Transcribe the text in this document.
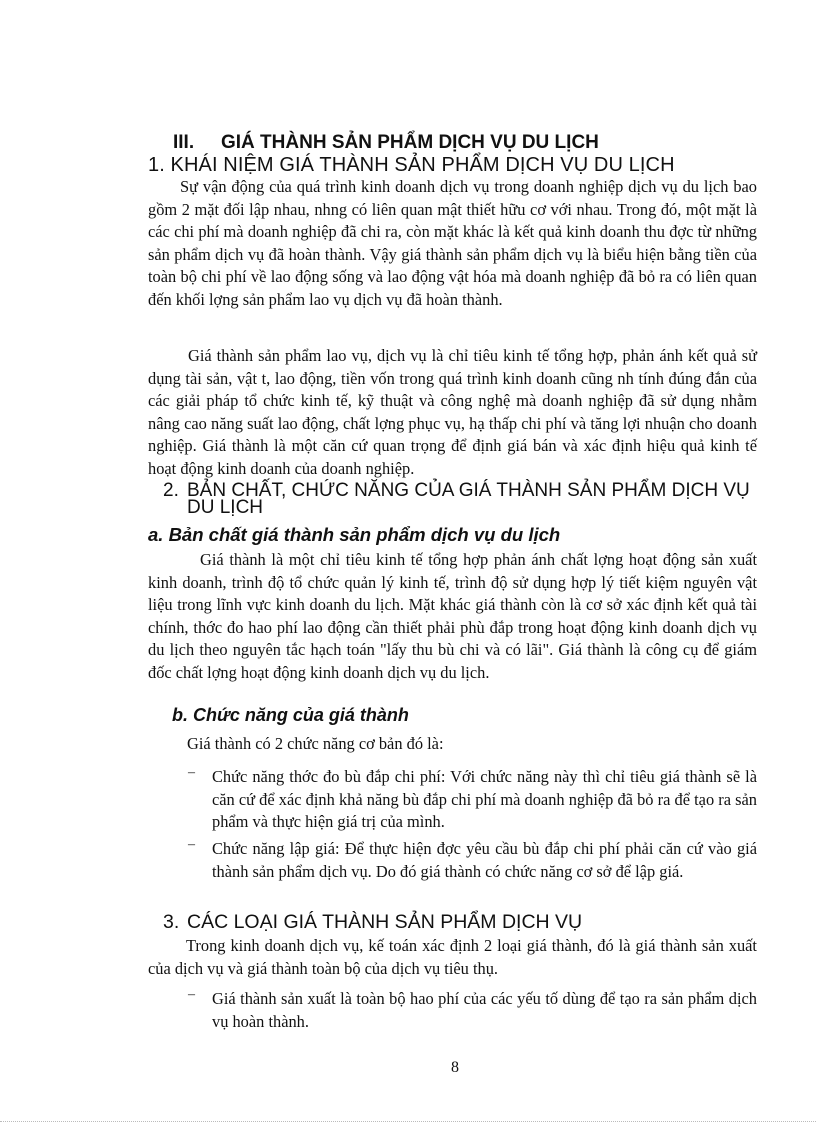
III. GIÁ THÀNH SẢN PHẨM DỊCH VỤ DU LỊCH
1. KHÁI NIỆM GIÁ THÀNH SẢN PHẨM DỊCH VỤ DU LỊCH
Sự vận động của quá trình kinh doanh dịch vụ trong doanh nghiệp dịch vụ du lịch bao gồm 2 mặt đối lập nhau, nhng có liên quan mật thiết hữu cơ với nhau. Trong đó, một mặt là các chi phí mà doanh nghiệp đã chi ra, còn mặt khác là kết quả kinh doanh thu đợc từ những sản phẩm dịch vụ đã hoàn thành. Vậy giá thành sản phẩm dịch vụ là biểu hiện bằng tiền của toàn bộ chi phí về lao động sống và lao động vật hóa mà doanh nghiệp đã bỏ ra có liên quan đến khối lợng sản phẩm lao vụ dịch vụ đã hoàn thành.
Giá thành sản phẩm lao vụ, dịch vụ là chỉ tiêu kinh tế tổng hợp, phản ánh kết quả sử dụng tài sản, vật t, lao động, tiền vốn trong quá trình kinh doanh cũng nh tính đúng đắn của các giải pháp tổ chức kinh tế, kỹ thuật và công nghệ mà doanh nghiệp đã sử dụng nhằm nâng cao năng suất lao động, chất lợng phục vụ, hạ thấp chi phí và tăng lợi nhuận cho doanh nghiệp. Giá thành là một căn cứ quan trọng để định giá bán và xác định hiệu quả kinh tế hoạt động kinh doanh của doanh nghiệp.
2. BẢN CHẤT, CHỨC NĂNG CỦA GIÁ THÀNH SẢN PHẨM DỊCH VỤ
DU LỊCH
a. Bản chất giá thành sản phẩm dịch vụ du lịch
Giá thành là một chỉ tiêu kinh tế tổng hợp phản ánh chất lợng hoạt động sản xuất kinh doanh, trình độ tổ chức quản lý kinh tế, trình độ sử dụng hợp lý tiết kiệm nguyên vật liệu trong lĩnh vực kinh doanh du lịch. Mặt khác giá thành còn là cơ sở xác định kết quả tài chính, thớc đo hao phí lao động cần thiết phải phù đắp trong hoạt động kinh doanh dịch vụ du lịch theo nguyên tắc hạch toán "lấy thu bù chi và có lãi". Giá thành là công cụ để giám đốc chất lợng hoạt động kinh doanh dịch vụ du lịch.
b. Chức năng của giá thành
Giá thành có 2 chức năng cơ bản đó là:
– Chức năng thớc đo bù đắp chi phí: Với chức năng này thì chỉ tiêu giá thành sẽ là căn cứ để xác định khả năng bù đắp chi phí mà doanh nghiệp đã bỏ ra để tạo ra sản phẩm và thực hiện giá trị của mình.
– Chức năng lập giá: Để thực hiện đợc yêu cầu bù đắp chi phí phải căn cứ vào giá thành sản phẩm dịch vụ. Do đó giá thành có chức năng cơ sở để lập giá.
3. CÁC LOẠI GIÁ THÀNH SẢN PHẨM DỊCH VỤ
Trong kinh doanh dịch vụ, kế toán xác định 2 loại giá thành, đó là giá thành sản xuất của dịch vụ và giá thành toàn bộ của dịch vụ tiêu thụ.
– Giá thành sản xuất là toàn bộ hao phí của các yếu tố dùng để tạo ra sản phẩm dịch vụ hoàn thành.
8
